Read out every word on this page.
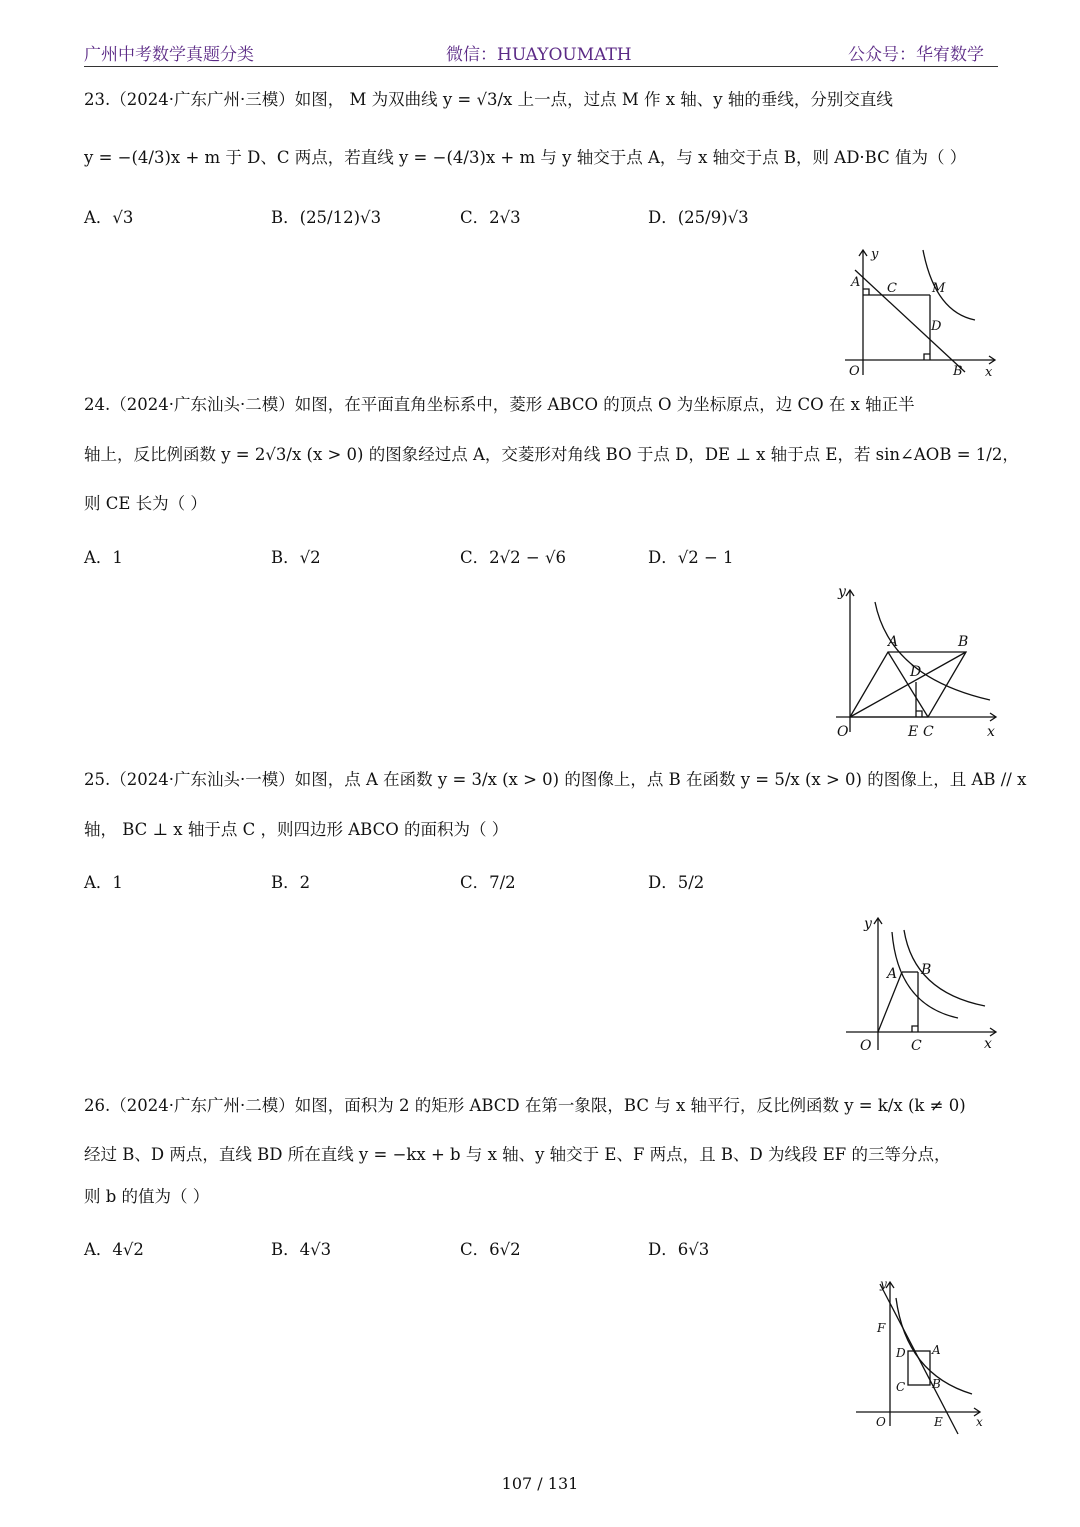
广州中考数学真题分类	微信：HUAYOUMATH	公众号：华宥数学
23.（2024·广东广州·三模）如图， M 为双曲线 y = √3/x 上一点，过点 M 作 x 轴、y 轴的垂线，分别交直线
y = −(4/3)x + m 于 D、C 两点，若直线 y = −(4/3)x + m 与 y 轴交于点 A，与 x 轴交于点 B，则 AD·BC 值为（ ）
A．√3	B．(25/12)√3	C．2√3	D．(25/9)√3
y
A C	M
D
O	B x
24.（2024·广东汕头·二模）如图，在平面直角坐标系中，菱形 ABCO 的顶点 O 为坐标原点，边 CO 在 x 轴正半
轴上，反比例函数 y = 2√3/x (x > 0) 的图象经过点 A，交菱形对角线 BO 于点 D，DE ⊥ x 轴于点 E，若 sin∠AOB = 1/2，
则 CE 长为（ ）
A．1	B．√2	C．2√2 − √6	D．√2 − 1
y
A	B
D
O	E C	x
25.（2024·广东汕头·一模）如图，点 A 在函数 y = 3/x (x > 0) 的图像上，点 B 在函数 y = 5/x (x > 0) 的图像上，且 AB // x
轴， BC ⊥ x 轴于点 C ，则四边形 ABCO 的面积为（ ）
A．1	B．2	C．7/2	D．5/2
y
A B
O	C	x
26.（2024·广东广州·二模）如图，面积为 2 的矩形 ABCD 在第一象限，BC 与 x 轴平行，反比例函数 y = k/x (k ≠ 0)
经过 B、D 两点，直线 BD 所在直线 y = −kx + b 与 x 轴、y 轴交于 E、F 两点，且 B、D 为线段 EF 的三等分点，
则 b 的值为（ ）
A．4√2	B．4√3	C．6√2	D．6√3
y
F
D A
C B
O	E	x
107 / 131
